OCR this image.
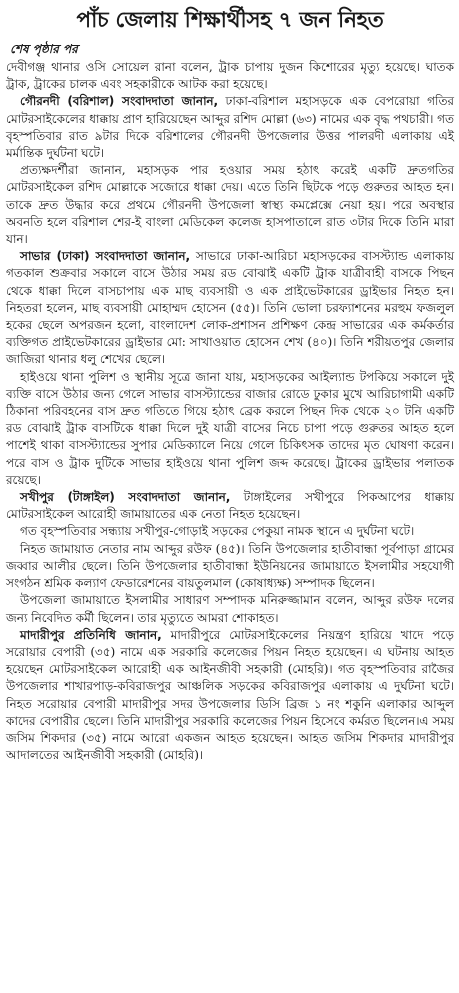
পাঁচ জেলায় শিক্ষার্থীসহ ৭ জন নিহত
শেষ পৃষ্ঠার পর

দেবীগঞ্জ থানার ওসি সোয়েল রানা বলেন, ট্রাক চাপায় দুজন কিশোরের মৃত্যু হয়েছে। ঘাতক ট্রাক, ট্রাকের চালক এবং সহকারীকে আটক করা হয়েছে।

গৌরনদী (বরিশাল) সংবাদদাতা জানান, ঢাকা-বরিশাল মহাসড়কে এক বেপরোয়া গতির মোটরসাইকেলের ধাক্কায় প্রাণ হারিয়েছেন আব্দুর রশিদ মোল্লা (৬৩) নামের এক বৃদ্ধ পথচারী। গত বৃহস্পতিবার রাত ৯টার দিকে বরিশালের গৌরনদী উপজেলার উত্তর পালরদী এলাকায় এই মর্মান্তিক দুর্ঘটনা ঘটে।

প্রত্যক্ষদর্শীরা জানান, মহাসড়ক পার হওয়ার সময় হঠাৎ করেই একটি দ্রুতগতির মোটরসাইকেল রশিদ মোল্লাকে সজোরে ধাক্কা দেয়। এতে তিনি ছিটকে পড়ে গুরুতর আহত হন। তাকে দ্রুত উদ্ধার করে প্রথমে গৌরনদী উপজেলা স্বাস্থ্য কমপ্লেক্সে নেয়া হয়। পরে অবস্থার অবনতি হলে বরিশাল শের-ই বাংলা মেডিকেল কলেজ হাসপাতালে রাত ৩টার দিকে তিনি মারা যান।

সাভার (ঢাকা) সংবাদদাতা জানান, সাভারে ঢাকা-আরিচা মহাসড়কের বাসস্ট্যান্ড এলাকায় গতকাল শুক্রবার সকালে বাসে উঠার সময় রড বোঝাই একটি ট্রাক যাত্রীবাহী বাসকে পিছন থেকে ধাক্কা দিলে বাসচাপায় এক মাছ ব্যবসায়ী ও এক প্রাইভেটকারের ড্রাইভার নিহত হন। নিহতরা হলেন, মাছ ব্যবসায়ী মোহাম্মদ হোসেন (৫৫)। তিনি ভোলা চরফ্যাশনের মরহুম ফজলুল হকের ছেলে অপরজন হলো, বাংলাদেশ লোক-প্রশাসন প্রশিক্ষণ কেন্দ্র সাভারের এক কর্মকর্তার ব্যক্তিগত প্রাইভেটকারের ড্রাইভার মো: সাখাওয়াত হোসেন শেখ (৪০)। তিনি শরীয়তপুর জেলার জাজিরা থানার ধলু শেখের ছেলে।

হাইওয়ে থানা পুলিশ ও স্থানীয় সূত্রে জানা যায়, মহাসড়কের আইল্যান্ড টপকিয়ে সকালে দুই ব্যক্তি বাসে উঠার জন্য গেলে সাভার বাসস্ট্যান্ডের বাজার রোডে ঢুকার মুখে আরিচাগামী একটি ঠিকানা পরিবহনের বাস দ্রুত গতিতে গিয়ে হঠাৎ ব্রেক করলে পিছন দিক থেকে ২০ টনি একটি রড বোঝাই ট্রাক বাসটিকে ধাক্কা দিলে দুই যাত্রী বাসের নিচে চাপা পড়ে গুরুতর আহত হলে পাশেই থাকা বাসস্ট্যান্ডের সুপার মেডিক্যালে নিয়ে গেলে চিকিৎসক তাদের মৃত ঘোষণা করেন। পরে বাস ও ট্রাক দুটিকে সাভার হাইওয়ে থানা পুলিশ জব্দ করেছে। ট্রাকের ড্রাইভার পলাতক রয়েছে।

সখীপুর (টাঙ্গাইল) সংবাদদাতা জানান, টাঙ্গাইলের সখীপুরে পিকআপের ধাক্কায় মোটরসাইকেল আরোহী জামায়াতের এক নেতা নিহত হয়েছেন।

গত বৃহস্পতিবার সন্ধ্যায় সখীপুর-গোড়াই সড়কের পেকুয়া নামক স্থানে এ দুর্ঘটনা ঘটে।

নিহত জামায়াত নেতার নাম আব্দুর রউফ (৪৫)। তিনি উপজেলার হাতীবান্ধা পূর্বপাড়া গ্রামের জব্বার আলীর ছেলে। তিনি উপজেলার হাতীবান্ধা ইউনিয়নের জামায়াতে ইসলামীর সহযোগী সংগঠন শ্রমিক কল্যাণ ফেডারেশনের বায়তুলমাল (কোষাধ্যক্ষ) সম্পাদক ছিলেন।

উপজেলা জামায়াতে ইসলামীর সাধারণ সম্পাদক মনিরুজ্জামান বলেন, আব্দুর রউফ দলের জন্য নিবেদিত কর্মী ছিলেন। তার মৃত্যুতে আমরা শোকাহত।

মাদারীপুর প্রতিনিধি জানান, মাদারীপুরে মোটরসাইকেলের নিয়ন্ত্রণ হারিয়ে খাদে পড়ে সরোয়ার বেপারী (৩৫) নামে এক সরকারি কলেজের পিয়ন নিহত হয়েছেন। এ ঘটনায় আহত হয়েছেন মোটরসাইকেল আরোহী এক আইনজীবী সহকারী (মোহরি)। গত বৃহস্পতিবার রাজৈর উপজেলার শাখারপাড়-কবিরাজপুর আঞ্চলিক সড়কের কবিরাজপুর এলাকায় এ দুর্ঘটনা ঘটে। নিহত সরোয়ার বেপারী মাদারীপুর সদর উপজেলার ডিসি ব্রিজ ১ নং শকুনি এলাকার আব্দুল কাদের বেপারীর ছেলে। তিনি মাদারীপুর সরকারি কলেজের পিয়ন হিসেবে কর্মরত ছিলেন।এ সময় জসিম শিকদার (৩৫) নামে আরো একজন আহত হয়েছেন। আহত জসিম শিকদার মাদারীপুর আদালতের আইনজীবী সহকারী (মোহরি)।
